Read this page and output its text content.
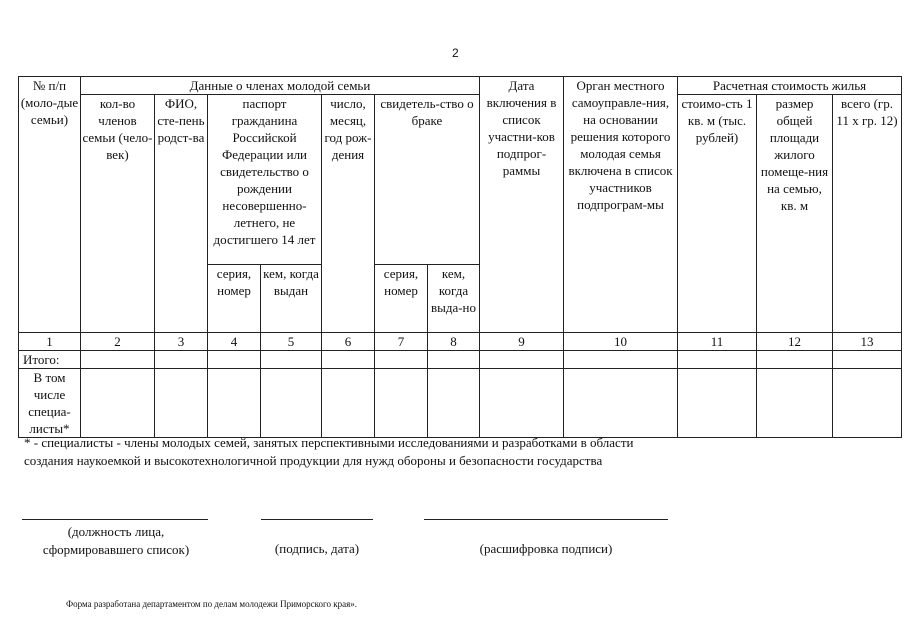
2
№ п/п (моло-дые семьи)	Данные о членах молодой семьи							Дата включения в список участни-ков подпрог-раммы	Орган местного самоуправле-ния, на основании решения которого молодая семья включена в список участников подпрограм-мы	Расчетная стоимость жилья		
	кол-во членов семьи (чело-век)	ФИО, сте-пень родст-ва	паспорт гражданина Российской Федерации или свидетельство о рождении несовершенно-летнего, не достигшего 14 лет		число, месяц, год рож-дения	свидетель-ство о браке				стоимо-сть 1 кв. м (тыс. рублей)	размер общей площади жилого помеще-ния на семью, кв. м	всего (гр. 11 х гр. 12)
			серия, номер	кем, когда выдан		серия, номер	кем, когда выда-но					
1	2	3	4	5	6	7	8	9	10	11	12	13
Итого:												
В том числе специа-листы*												
* - специалисты - члены молодых семей, занятых перспективными исследованиями и разработками в области создания наукоемкой и высокотехнологичной продукции для нужд обороны и безопасности государства
(должность лица, сформировавшего список)	(подпись, дата)	(расшифровка подписи)
Форма разработана департаментом по делам молодежи Приморского края».
